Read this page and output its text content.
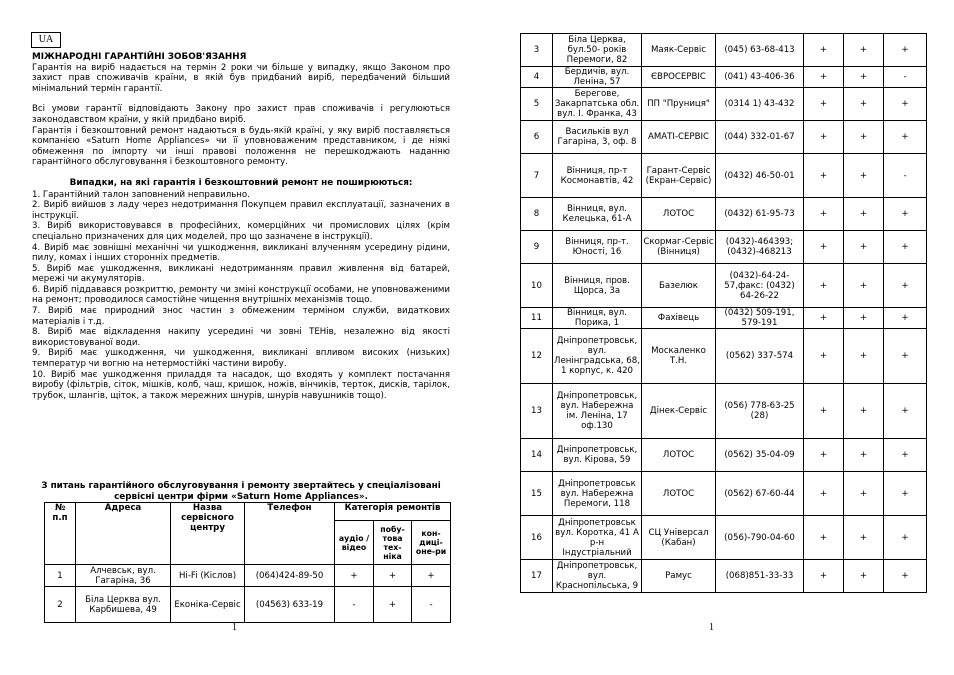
UA

МІЖНАРОДНІ ГАРАНТІЙНІ ЗОБОВ'ЯЗАННЯ

Гарантія на виріб надається на термін 2 роки чи більше у випадку, якщо Законом про захист прав споживачів країни, в якій був придбаний виріб, передбачений більший мінімальний термін гарантії.

Всі умови гарантії відповідають Закону про захист прав споживачів і регулюються законодавством країни, у якій придбано виріб.

Гарантія і безкоштовний ремонт надаються в будь-якій країні, у яку виріб поставляється компанією «Saturn Home Appliances» чи її уповноваженим представником, і де ніякі обмеження по імпорту чи інші правові положення не перешкоджають наданню гарантійного обслуговування і безкоштовного ремонту.

Випадки, на які гарантія і безкоштовний ремонт не поширюються:

1. Гарантійний талон заповнений неправильно.

2. Виріб вийшов з ладу через недотримання Покупцем правил експлуатації, зазначених в інструкції.

3. Виріб використовувався в професійних, комерційних чи промислових цілях (крім спеціально призначених для цих моделей, про що зазначене в інструкції).

4. Виріб має зовнішні механічні чи ушкодження, викликані влученням усередину рідини, пилу, комах і інших сторонніх предметів.

5. Виріб має ушкодження, викликані недотриманням правил живлення від батарей, мережі чи акумуляторів.

6. Виріб піддавався розкриттю, ремонту чи зміні конструкції особами, не уповноваженими на ремонт; проводилося самостійне чищення внутрішніх механізмів тощо.

7. Виріб має природний знос частин з обмеженим терміном служби, видаткових матеріалів і т.д.

8. Виріб має відкладення накипу усередині чи зовні ТЕНів, незалежно від якості використовуваної води.

9. Виріб має ушкодження, чи ушкодження, викликані впливом високих (низьких) температур чи вогню на нетермостійкі частини виробу.

10. Виріб має ушкодження приладдя та насадок, що входять у комплект постачання виробу (фільтрів, сіток, мішків, колб, чаш, кришок, ножів, вінчиків, терток, дисків, тарілок, трубок, шлангів, щіток, а також мережних шнурів, шнурів навушників тощо).

З питань гарантійного обслуговування і ремонту звертайтесь у спеціалізовані сервісні центри фірми «Saturn Home Appliances».
№ п.п	Адреса	Назва сервісного центру	Телефон	Категорія ремонтів		
				аудіо / відео	побу-това тех-ніка	кон-диці-оне-ри
1	Алчевськ, вул. Гагаріна, 36	Hi-Fi (Кіслов)	(064)424-89-50	+	+	+
2	Біла Церква вул. Карбишева, 49	Еконіка-Сервіс	(04563) 633-19	-	+	-
1
3	Біла Церква, бул.50- років Перемоги, 82	Маяк-Сервіс	(045) 63-68-413	+	+	+
4	Бердичів, вул. Леніна, 57	ЄВРОСЕРВІС	(041) 43-406-36	+	+	-
5	Берегове, Закарпатська обл. вул. І. Франка, 43	ПП "Пруниця"	(0314 1) 43-432	+	+	+
6	Васильків вул Гагаріна, 3, оф. 8	АМАТІ-СЕРВІС	(044) 332-01-67	+	+	+
7	Вінниця, пр-т Космонавтів, 42	Гарант-Сервіс (Екран-Сервіс)	(0432) 46-50-01	+	+	-
8	Вінниця, вул. Келецька, 61-А	ЛОТОС	(0432) 61-95-73	+	+	+
9	Вінниця, пр-т. Юності, 16	Скормаг-Сервіс (Вінниця)	(0432)-464393; (0432)-468213	+	+	+
10	Вінниця, пров. Щорса, 3а	Базелюк	(0432)-64-24-57,факс: (0432) 64-26-22	+	+	+
11	Вінниця, вул. Порика, 1	Фахівець	(0432) 509-191, 579-191	+	+	+
12	Дніпропетровськ, вул. Ленінградська, 68, 1 корпус, к. 420	Москаленко Т.Н.	(0562) 337-574	+	+	+
13	Дніпропетровськ, вул. Набережна ім. Леніна, 17 оф.130	Дінек-Сервіс	(056) 778-63-25 (28)	+	+	+
14	Дніпропетровськ, вул. Кірова, 59	ЛОТОС	(0562) 35-04-09	+	+	+
15	Дніпропетровськ вул. Набережна Перемоги, 118	ЛОТОС	(0562) 67-60-44	+	+	+
16	Дніпропетровськ вул. Коротка, 41 А р-н Індустріальний	СЦ Універсал (Кабан)	(056)-790-04-60	+	+	+
17	Дніпропетровськ, вул. Краснопільська, 9	Рамус	(068)851-33-33	+	+	+
1
